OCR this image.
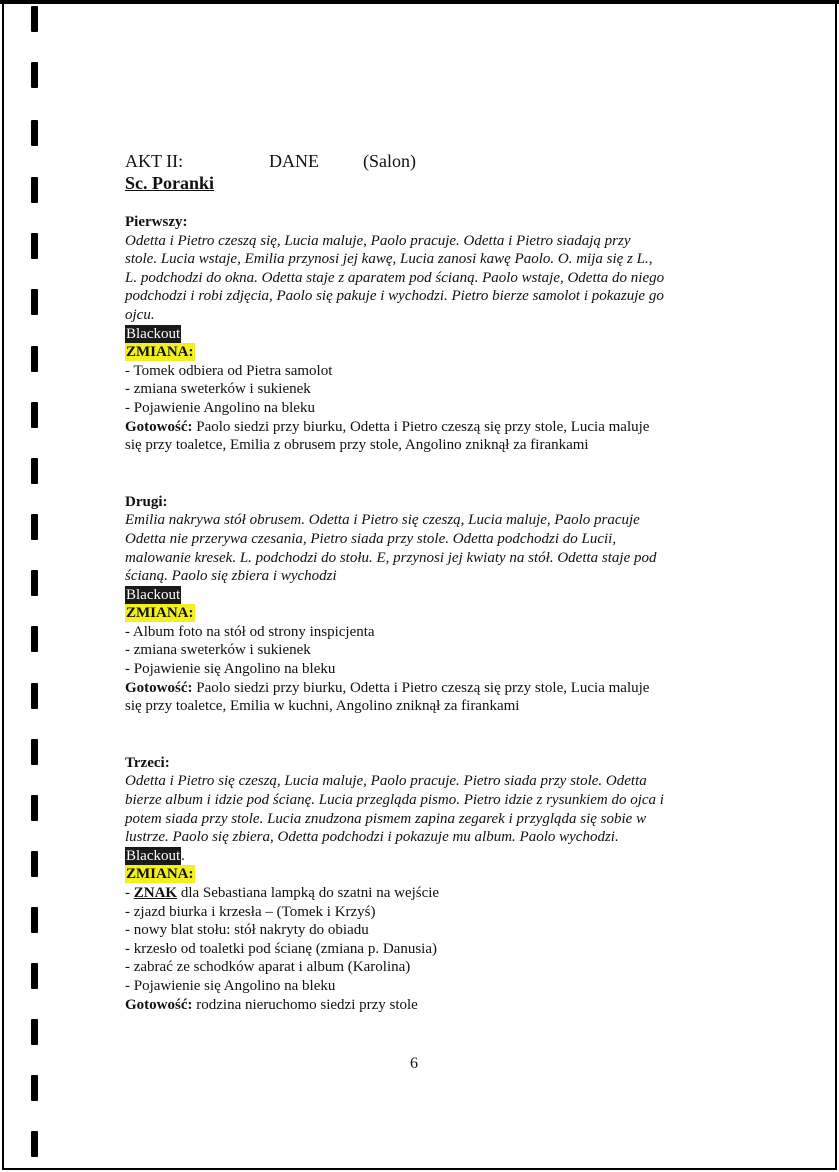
AKT II:	DANE (Salon)
Sc. Poranki
Pierwszy:
Odetta i Pietro czeszą się, Lucia maluje, Paolo pracuje. Odetta i Pietro siadają przy
stole. Lucia wstaje, Emilia przynosi jej kawę, Lucia zanosi kawę Paolo. O. mija się z L.,
L. podchodzi do okna. Odetta staje z aparatem pod ścianą. Paolo wstaje, Odetta do niego
podchodzi i robi zdjęcia, Paolo się pakuje i wychodzi. Pietro bierze samolot i pokazuje go
ojcu.
Blackout
ZMIANA:
- Tomek odbiera od Pietra samolot
- zmiana sweterków i sukienek
- Pojawienie Angolino na bleku
Gotowość: Paolo siedzi przy biurku, Odetta i Pietro czeszą się przy stole, Lucia maluje
się przy toaletce, Emilia z obrusem przy stole, Angolino zniknął za firankami
Drugi:
Emilia nakrywa stół obrusem. Odetta i Pietro się czeszą, Lucia maluje, Paolo pracuje
Odetta nie przerywa czesania, Pietro siada przy stole. Odetta podchodzi do Lucii,
malowanie kresek. L. podchodzi do stołu. E, przynosi jej kwiaty na stół. Odetta staje pod
ścianą. Paolo się zbiera i wychodzi
Blackout
ZMIANA:
- Album foto na stół od strony inspicjenta
- zmiana sweterków i sukienek
- Pojawienie się Angolino na bleku
Gotowość: Paolo siedzi przy biurku, Odetta i Pietro czeszą się przy stole, Lucia maluje
się przy toaletce, Emilia w kuchni, Angolino zniknął za firankami
Trzeci:
Odetta i Pietro się czeszą, Lucia maluje, Paolo pracuje. Pietro siada przy stole. Odetta
bierze album i idzie pod ścianę. Lucia przegląda pismo. Pietro idzie z rysunkiem do ojca i
potem siada przy stole. Lucia znudzona pismem zapina zegarek i przygląda się sobie w
lustrze. Paolo się zbiera, Odetta podchodzi i pokazuje mu album. Paolo wychodzi.
Blackout.
ZMIANA:
- ZNAK dla Sebastiana lampką do szatni na wejście
- zjazd biurka i krzesła – (Tomek i Krzyś)
- nowy blat stołu: stół nakryty do obiadu
- krzesło od toaletki pod ścianę (zmiana p. Danusia)
- zabrać ze schodków aparat i album (Karolina)
- Pojawienie się Angolino na bleku
Gotowość: rodzina nieruchomo siedzi przy stole
6
